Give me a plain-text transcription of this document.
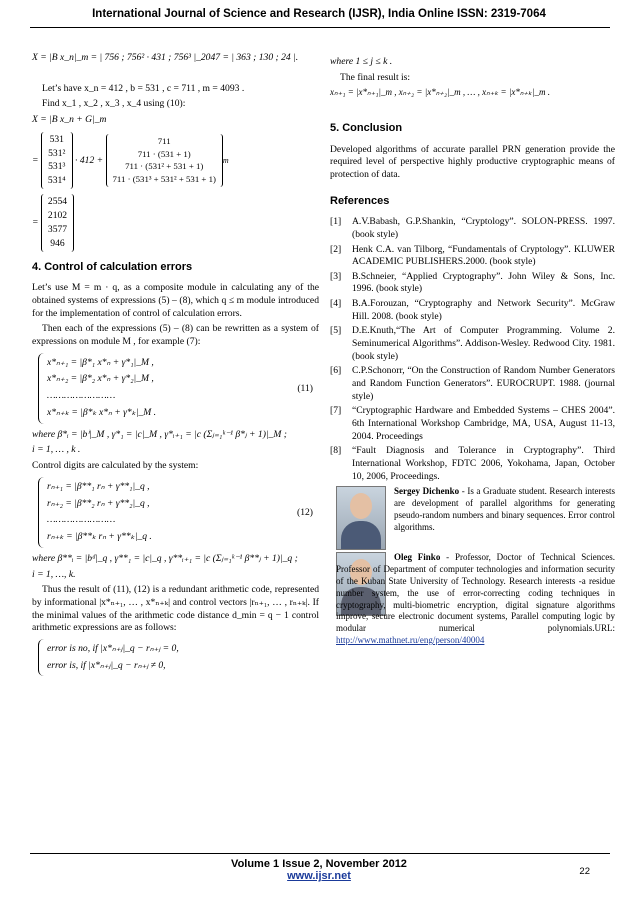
International Journal of Science and Research (IJSR), India Online ISSN: 2319-7064
X = |B x_n|_m = | 756 ; 756² · 431 ; 756³ |_2047 = | 363 ; 130 ; 24 |.

Let’s have x_n = 412 , b = 531 , c = 711 , m = 4093 .

Find x_1 , x_2 , x_3 , x_4 using (10):

X = |B x_n + G|_m
=
531
531²
531³
531⁴
· 412 +
711
711 · (531 + 1)
711 · (531² + 531 + 1)
711 · (531³ + 531² + 531 + 1)
m
=
2554
2102
3577
946
4. Control of calculation errors

Let’s use M = m · q, as a composite module in calculating any of the obtained systems of expressions (5) – (8), which q ≤ m module introduced for the implementation of control of calculation errors.

Then each of the expressions (5) – (8) can be rewritten as a system of expressions on module M , for example (7):

x*ₙ₊₁ = |β*₁ x*ₙ + γ*₁|_M ,
x*ₙ₊₂ = |β*₂ x*ₙ + γ*₂|_M ,
……………………
x*ₙ₊ₖ = |β*ₖ x*ₙ + γ*ₖ|_M .
(11)

where β*ᵢ = |bⁱ|_M , γ*₁ = |c|_M , γ*ᵢ₊₁ = |c (Σⱼ₌₁ᵏ⁻¹ β*ⱼ + 1)|_M ;

i = 1, … , k .

Control digits are calculated by the system:

rₙ₊₁ = |β**₁ rₙ + γ**₁|_q ,
rₙ₊₂ = |β**₂ rₙ + γ**₂|_q ,
……………………
rₙ₊ₖ = |β**ₖ rₙ + γ**ₖ|_q .
(12)

where β**ᵢ = |bᵈ|_q , γ**₁ = |c|_q , γ**ᵢ₊₁ = |c (Σⱼ₌₁ᵏ⁻¹ β**ⱼ + 1)|_q ;

i = 1, …, k.

Thus the result of (11), (12) is a redundant arithmetic code, represented by informational |x*ₙ₊₁, … , x*ₙ₊ₖ| and control vectors |rₙ₊₁, … , rₙ₊ₖ|. If the minimal values of the arithmetic code distance d_min = q − 1 control arithmetic expressions are as follows:

error is no, if |x*ₙ₊ⱼ|_q − rₙ₊ⱼ = 0,
error is, if |x*ₙ₊ⱼ|_q − rₙ₊ⱼ ≠ 0,

where 1 ≤ j ≤ k .

The final result is:

xₙ₊₁ = |x*ₙ₊₁|_m , xₙ₊₂ = |x*ₙ₊₂|_m , … , xₙ₊ₖ = |x*ₙ₊ₖ|_m .
5. Conclusion

Developed algorithms of accurate parallel PRN generation provide the required level of perspective highly productive cryptographic means of protection of data.

References
[1]	A.V.Babash, G.P.Shankin, “Cryptology”. SOLON-PRESS. 1997. (book style)
[2]	Henk C.A. van Tilborg, “Fundamentals of Cryptology”. KLUWER ACADEMIC PUBLISHERS.2000. (book style)
[3]	B.Schneier, “Applied Cryptography”. John Wiley & Sons, Inc. 1996. (book style)
[4]	B.A.Forouzan, “Cryptography and Network Security”. McGraw Hill. 2008. (book style)
[5]	D.E.Knuth,“The Art of Computer Programming. Volume 2. Seminumerical Algorithms”. Addison-Wesley. Redwood City. 1981. (book style)
[6]	C.P.Schonorr, “On the Construction of Random Number Generators and Random Function Generators”. EUROCRUPT. 1988. (journal style)
[7]	“Cryptographic Hardware and Embedded Systems – CHES 2004”. 6th International Workshop Cambridge, MA, USA, August 11-13, 2004. Proceedings
[8]	“Fault Diagnosis and Tolerance in Cryptography”. Third International Workshop, FDTC 2006, Yokohama, Japan, October 10, 2006, Proceedings.
Sergey Dichenko - Is a Graduate student. Research interests are development of parallel algorithms for generating pseudo-random numbers and binary sequences. Error control algorithms.
Oleg Finko - Professor, Doctor of Technical Sciences. Professor of Department of computer technologies and information security of the Kuban State University of Technology. Research interests -a residue number system, the use of error-correcting coding techniques in cryptography, multi-biometric encryption, digital signature algorithms improve, secure electronic document systems, Parallel computing logic by modular numerical polynomials.URL: http://www.mathnet.ru/eng/person/40004
Volume 1 Issue 2, November 2012
www.ijsr.net	22
